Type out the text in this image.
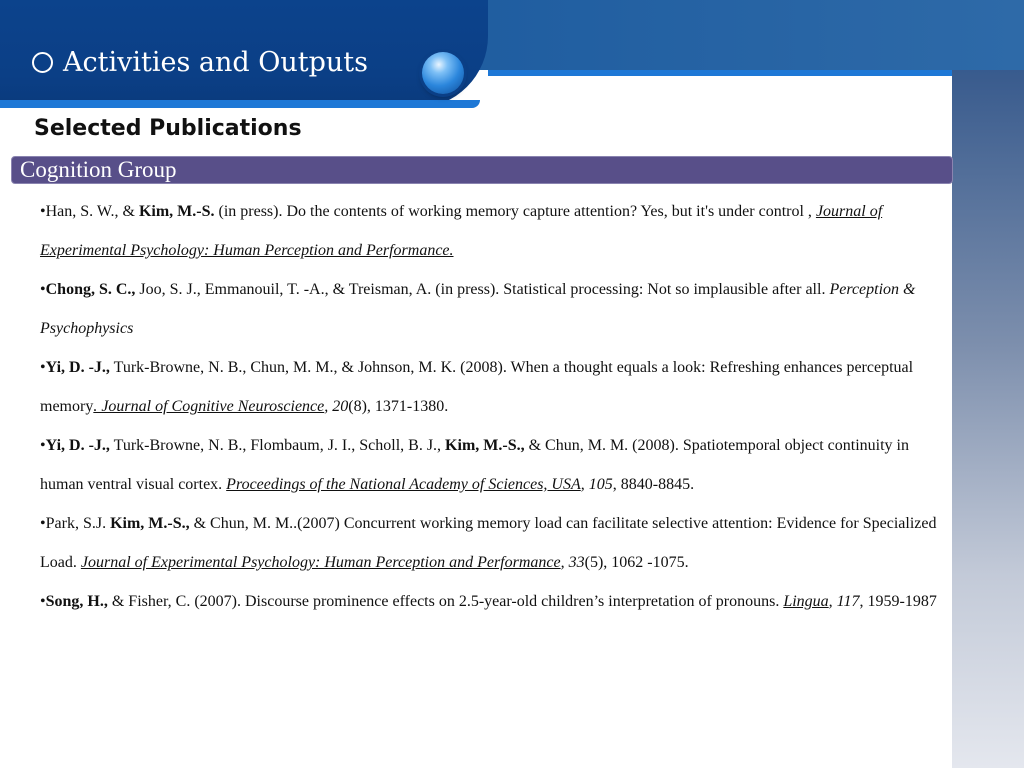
Activities and Outputs
Selected Publications
Cognition Group

•Han, S. W., & Kim, M.-S. (in press). Do the contents of working memory capture attention? Yes, but it's under control , Journal of Experimental Psychology: Human Perception and Performance.

•Chong, S. C., Joo, S. J., Emmanouil, T. -A., & Treisman, A. (in press). Statistical processing: Not so implausible after all. Perception & Psychophysics

•Yi, D. -J., Turk-Browne, N. B., Chun, M. M., & Johnson, M. K. (2008). When a thought equals a look: Refreshing enhances perceptual memory. Journal of Cognitive Neuroscience, 20(8), 1371-1380.

•Yi, D. -J., Turk-Browne, N. B., Flombaum, J. I., Scholl, B. J., Kim, M.-S., & Chun, M. M. (2008). Spatiotemporal object continuity in human ventral visual cortex. Proceedings of the National Academy of Sciences, USA, 105, 8840-8845.

•Park, S.J. Kim, M.-S., & Chun, M. M..(2007) Concurrent working memory load can facilitate selective attention: Evidence for Specialized Load. Journal of Experimental Psychology: Human Perception and Performance, 33(5), 1062 -1075.

•Song, H., & Fisher, C. (2007). Discourse prominence effects on 2.5-year-old children’s interpretation of pronouns. Lingua, 117, 1959-1987
